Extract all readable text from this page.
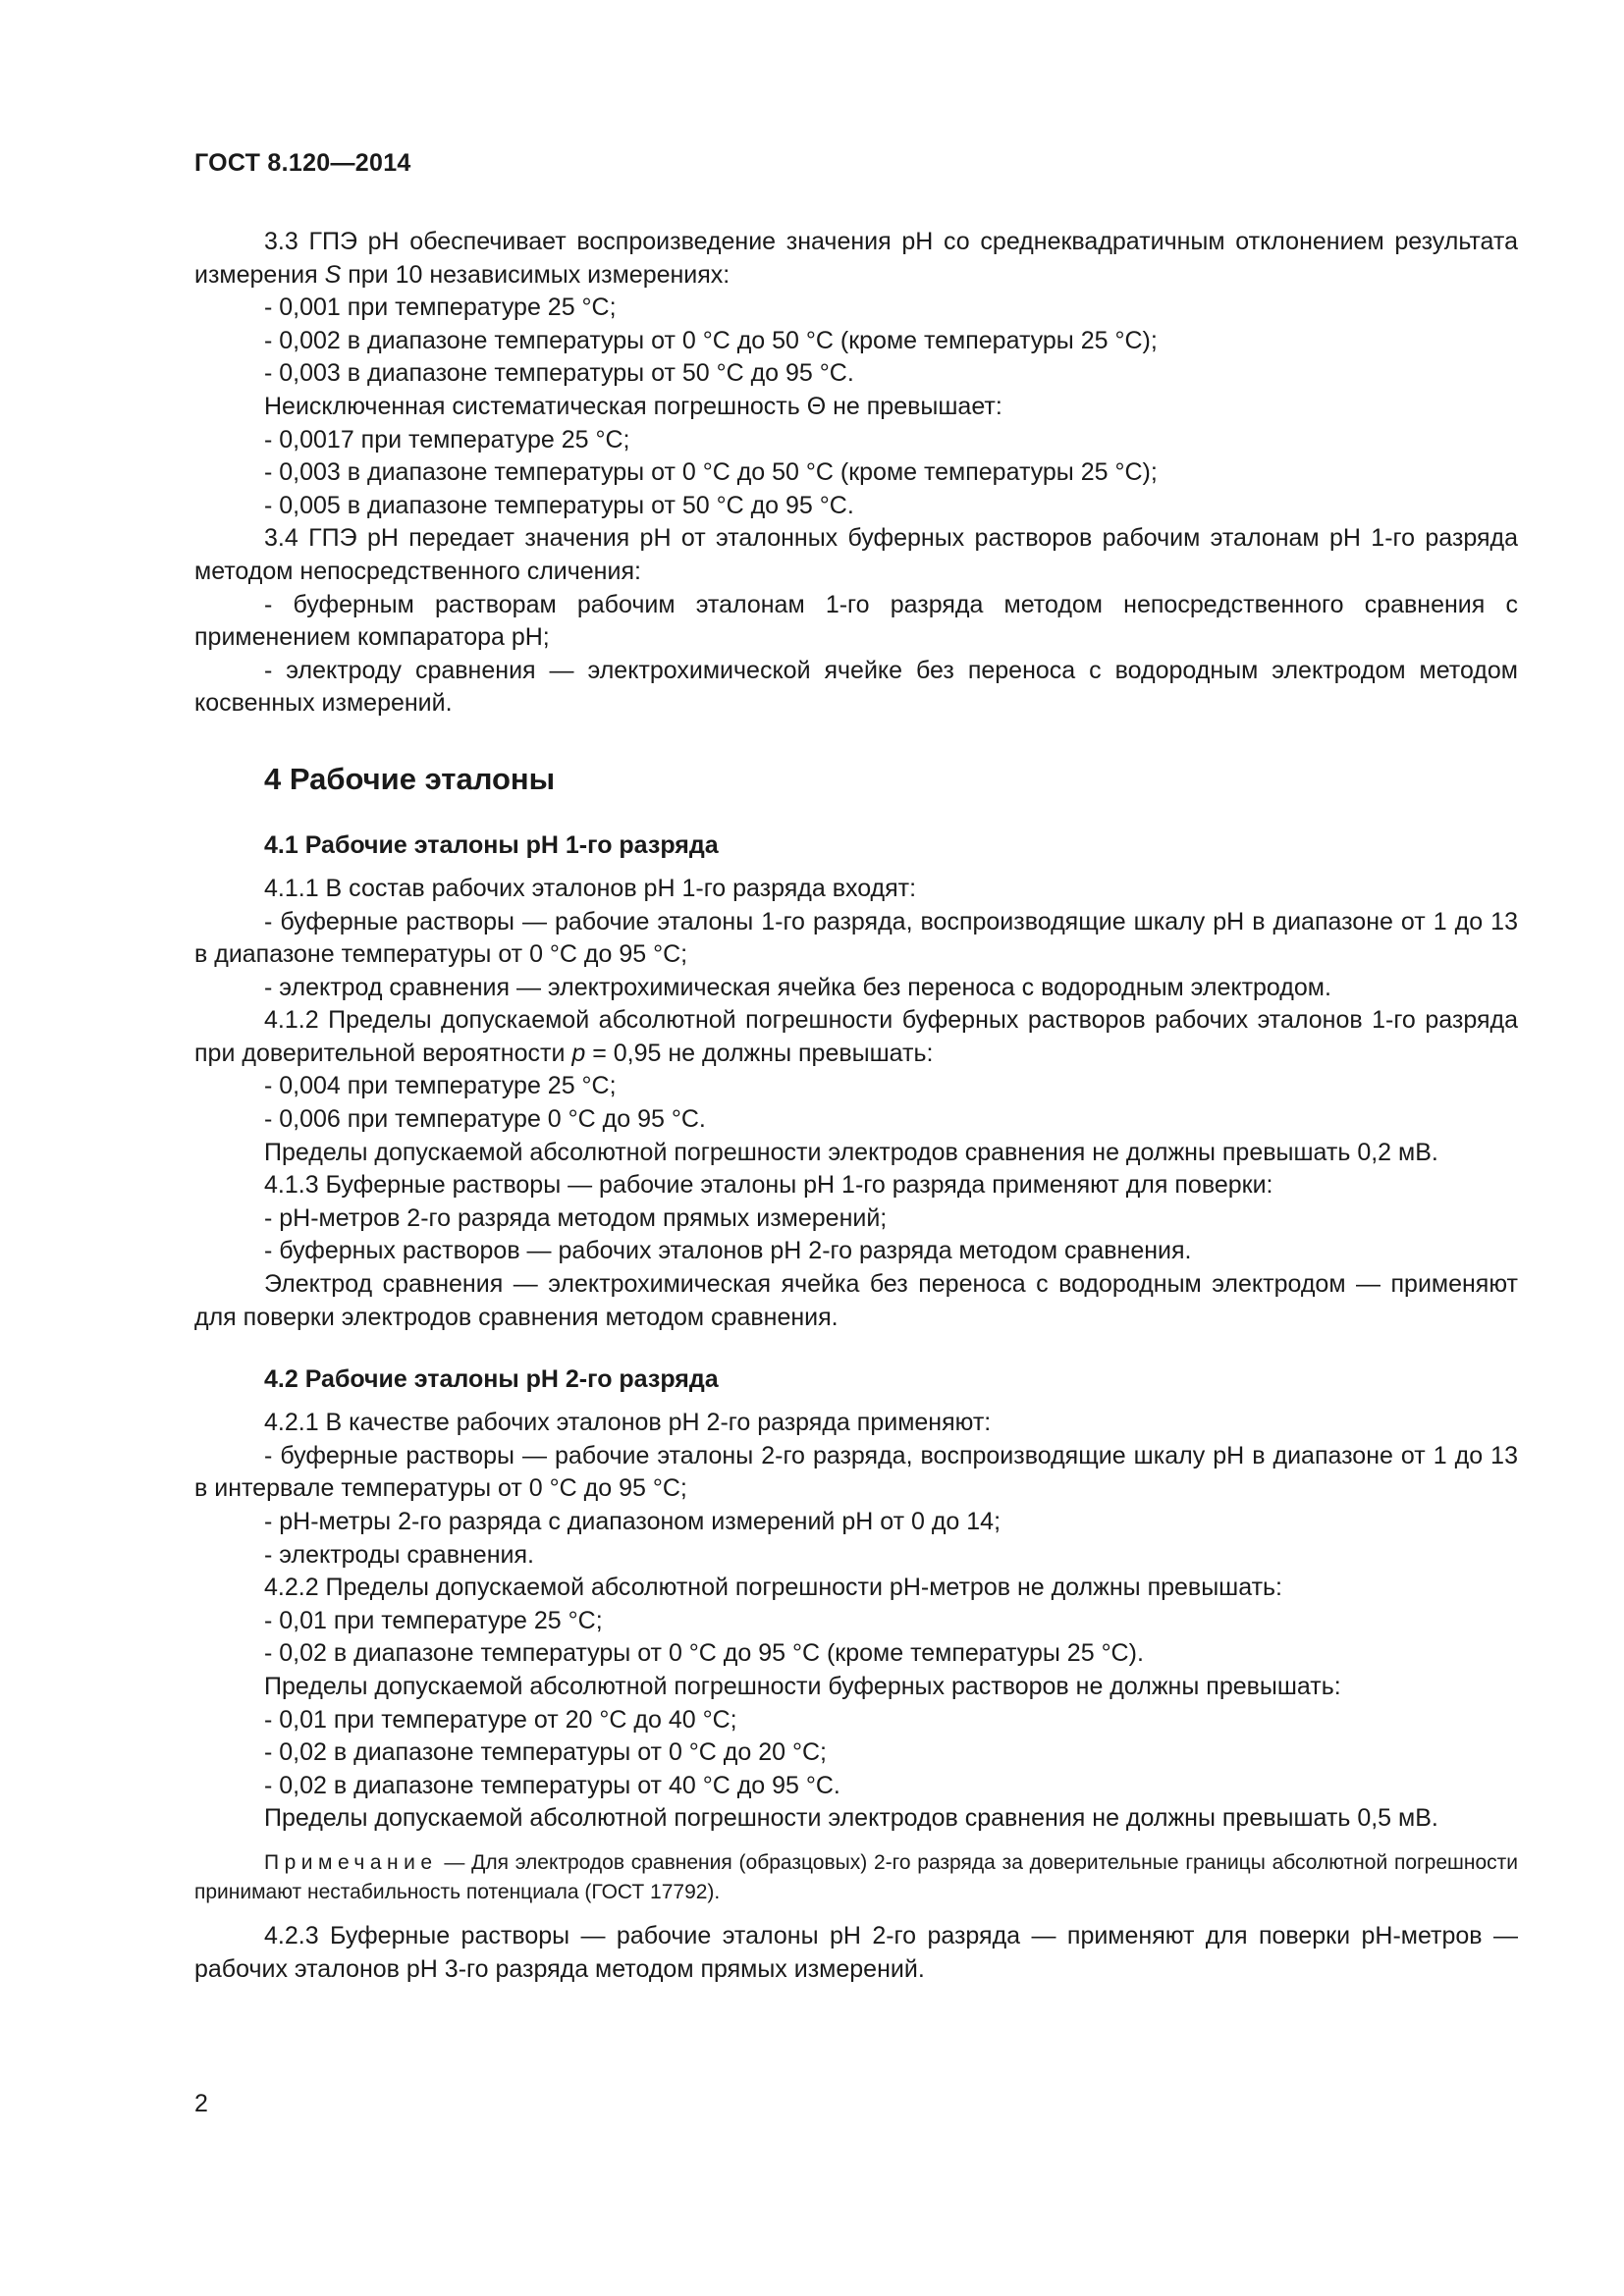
ГОСТ 8.120—2014

3.3 ГПЭ рН обеспечивает воспроизведение значения рН со среднеквадратичным отклонением результата измерения S при 10 независимых измерениях:

- 0,001 при температуре 25 °С;

- 0,002 в диапазоне температуры от 0 °С до 50 °С (кроме температуры 25 °С);

- 0,003 в диапазоне температуры от 50 °С до 95 °С.

Неисключенная систематическая погрешность Θ не превышает:

- 0,0017 при температуре 25 °С;

- 0,003 в диапазоне температуры от 0 °С до 50 °С (кроме температуры 25 °С);

- 0,005 в диапазоне температуры от 50 °С до 95 °С.

3.4 ГПЭ рН передает значения рН от эталонных буферных растворов рабочим эталонам рН 1-го разряда методом непосредственного сличения:

- буферным растворам рабочим эталонам 1-го разряда методом непосредственного сравнения с применением компаратора рН;

- электроду сравнения — электрохимической ячейке без переноса с водородным электродом методом косвенных измерений.

4 Рабочие эталоны
4.1 Рабочие эталоны рН 1-го разряда

4.1.1 В состав рабочих эталонов рН 1-го разряда входят:

- буферные растворы — рабочие эталоны 1-го разряда, воспроизводящие шкалу рН в диапазоне от 1 до 13 в диапазоне температуры от 0 °С до 95 °С;

- электрод сравнения — электрохимическая ячейка без переноса с водородным электродом.

4.1.2 Пределы допускаемой абсолютной погрешности буферных растворов рабочих эталонов 1-го разряда при доверительной вероятности р = 0,95 не должны превышать:

- 0,004 при температуре 25 °С;

- 0,006 при температуре 0 °С до 95 °С.

Пределы допускаемой абсолютной погрешности электродов сравнения не должны превышать 0,2 мВ.

4.1.3 Буферные растворы — рабочие эталоны рН 1-го разряда применяют для поверки:

- рН-метров 2-го разряда методом прямых измерений;

- буферных растворов — рабочих эталонов рН 2-го разряда методом сравнения.

Электрод сравнения — электрохимическая ячейка без переноса с водородным электродом — применяют для поверки электродов сравнения методом сравнения.

4.2 Рабочие эталоны рН 2-го разряда

4.2.1 В качестве рабочих эталонов рН 2-го разряда применяют:

- буферные растворы — рабочие эталоны 2-го разряда, воспроизводящие шкалу рН в диапазоне от 1 до 13 в интервале температуры от 0 °С до 95 °С;

- рН-метры 2-го разряда с диапазоном измерений рН от 0 до 14;

- электроды сравнения.

4.2.2 Пределы допускаемой абсолютной погрешности рН-метров не должны превышать:

- 0,01 при температуре 25 °С;

- 0,02 в диапазоне температуры от 0 °С до 95 °С (кроме температуры 25 °С).

Пределы допускаемой абсолютной погрешности буферных растворов не должны превышать:

- 0,01 при температуре от 20 °С до 40 °С;

- 0,02 в диапазоне температуры от 0 °С до 20 °С;

- 0,02 в диапазоне температуры от 40 °С до 95 °С.

Пределы допускаемой абсолютной погрешности электродов сравнения не должны превышать 0,5 мВ.

Примечание — Для электродов сравнения (образцовых) 2-го разряда за доверительные границы абсолютной погрешности принимают нестабильность потенциала (ГОСТ 17792).

4.2.3 Буферные растворы — рабочие эталоны рН 2-го разряда — применяют для поверки рН-метров — рабочих эталонов рН 3-го разряда методом прямых измерений.

2
